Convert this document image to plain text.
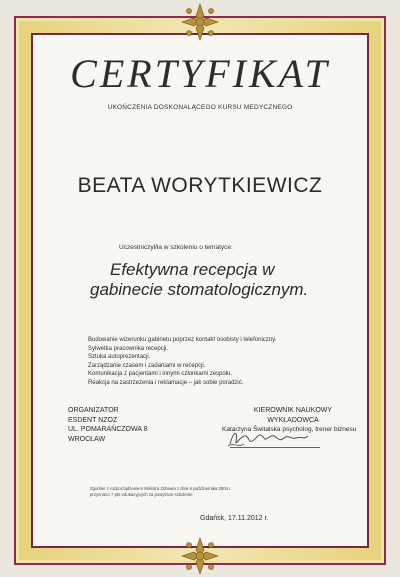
CERTYFIKAT
UKOŃCZENIA DOSKONALĄCEGO KURSU MEDYCZNEGO
BEATA WORYTKIEWICZ
Uczestniczył/ła w szkoleniu o tematyce:
Efektywna recepcja w
gabinecie stomatologicznym.
Budowanie wizerunku gabinetu poprzez kontakt osobisty i telefoniczny.
Sylwetka pracownika recepcji.
Sztuka autoprezentacji.
Zarządzanie czasem i zadaniami w recepcji.
Komunikacja z pacjentami i innymi członkami zespołu.
Reakcja na zastrzeżenia i reklamacje – jak sobie poradzić.
ORGANIZATOR
ESDENT NZOZ
UL. POMARAŃCZOWA 8
WROCŁAW
KIEROWNIK NAUKOWY
WYKŁADOWCA
Katarzyna Świtalska psycholog, trener biznesu
Zgodnie z rozporządzeniem Ministra Zdrowia z dnia 6 października 2004 r.
przyznano 7 pkt edukacyjnych za powyższe szkolenie
Gdańsk, 17.11.2012 r.
